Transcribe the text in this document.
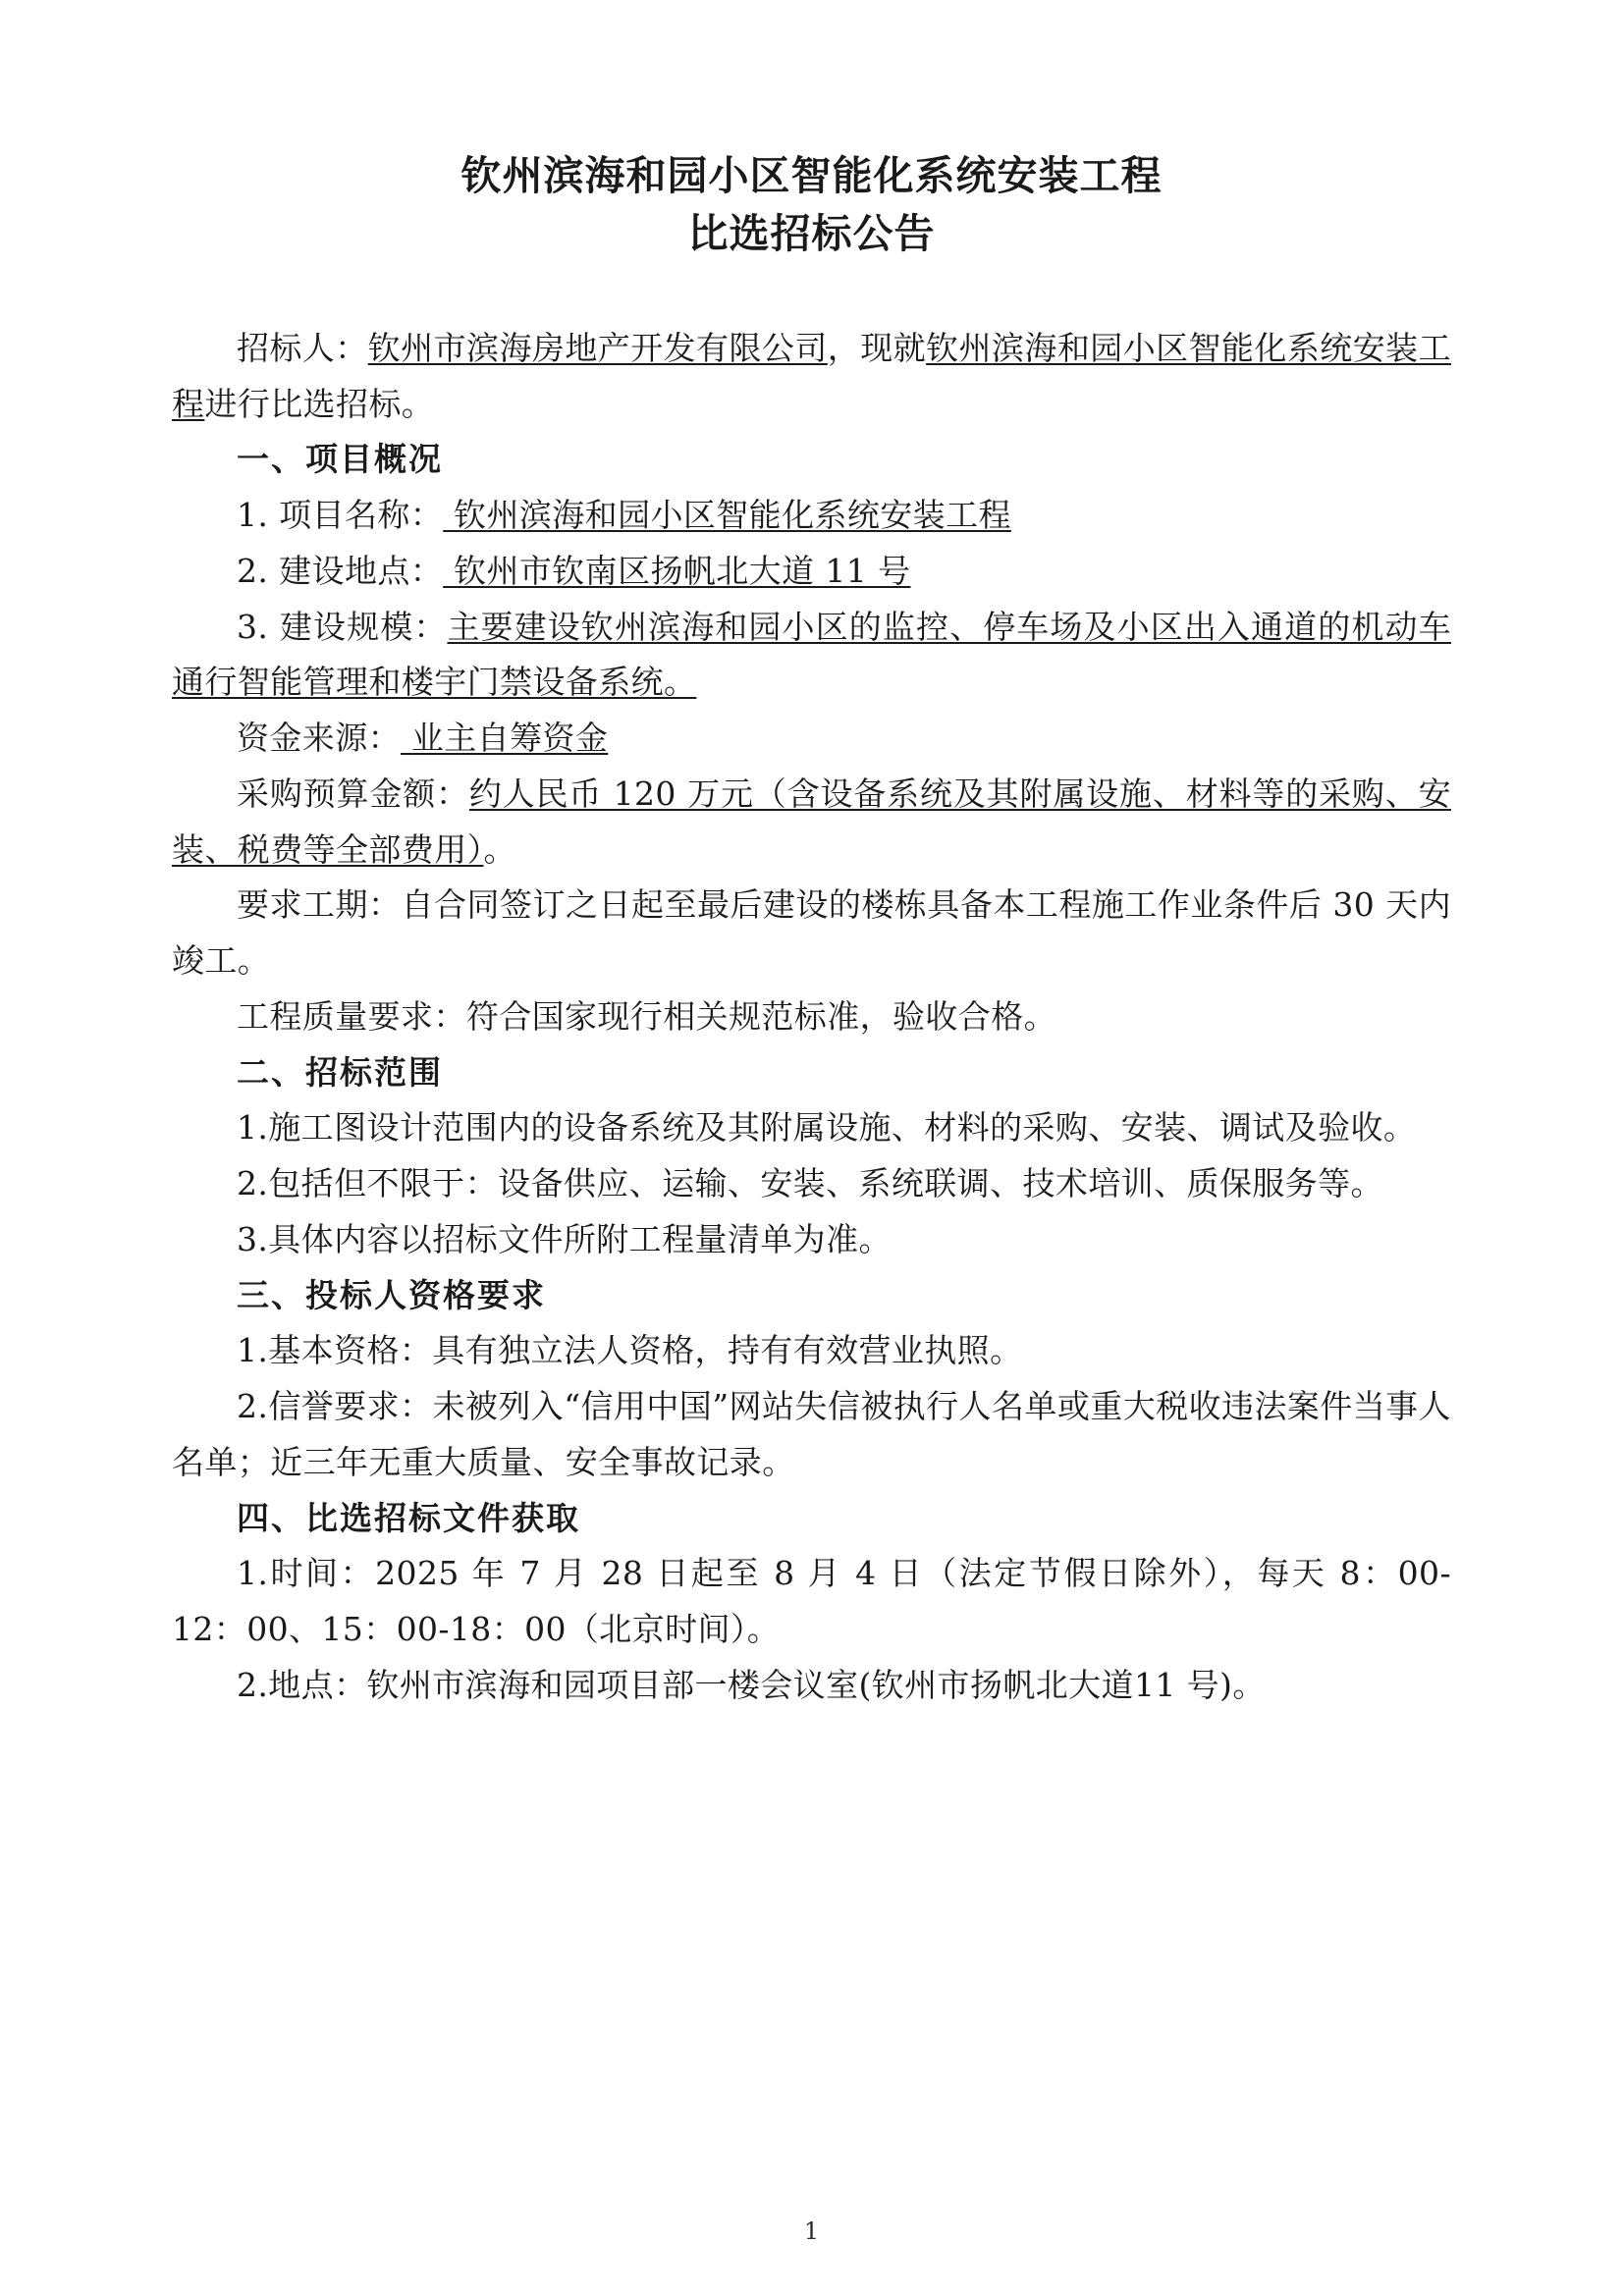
钦州滨海和园小区智能化系统安装工程
比选招标公告

招标人：钦州市滨海房地产开发有限公司，现就钦州滨海和园小区智能化系统安装工程进行比选招标。

一、项目概况

1. 项目名称： 钦州滨海和园小区智能化系统安装工程

2. 建设地点： 钦州市钦南区扬帆北大道 11 号

3. 建设规模：主要建设钦州滨海和园小区的监控、停车场及小区出入通道的机动车通行智能管理和楼宇门禁设备系统。

资金来源： 业主自筹资金

采购预算金额：约人民币 120 万元（含设备系统及其附属设施、材料等的采购、安装、税费等全部费用）。

要求工期：自合同签订之日起至最后建设的楼栋具备本工程施工作业条件后 30 天内竣工。

工程质量要求：符合国家现行相关规范标准，验收合格。

二、招标范围

1.施工图设计范围内的设备系统及其附属设施、材料的采购、安装、调试及验收。

2.包括但不限于：设备供应、运输、安装、系统联调、技术培训、质保服务等。

3.具体内容以招标文件所附工程量清单为准。

三、投标人资格要求

1.基本资格：具有独立法人资格，持有有效营业执照。

2.信誉要求：未被列入“信用中国”网站失信被执行人名单或重大税收违法案件当事人名单；近三年无重大质量、安全事故记录。

四、比选招标文件获取

1.时间：2025 年 7 月 28 日起至 8 月 4 日（法定节假日除外），每天 8：00-12：00、15：00-18：00（北京时间）。

2.地点：钦州市滨海和园项目部一楼会议室(钦州市扬帆北大道11 号)。

1
